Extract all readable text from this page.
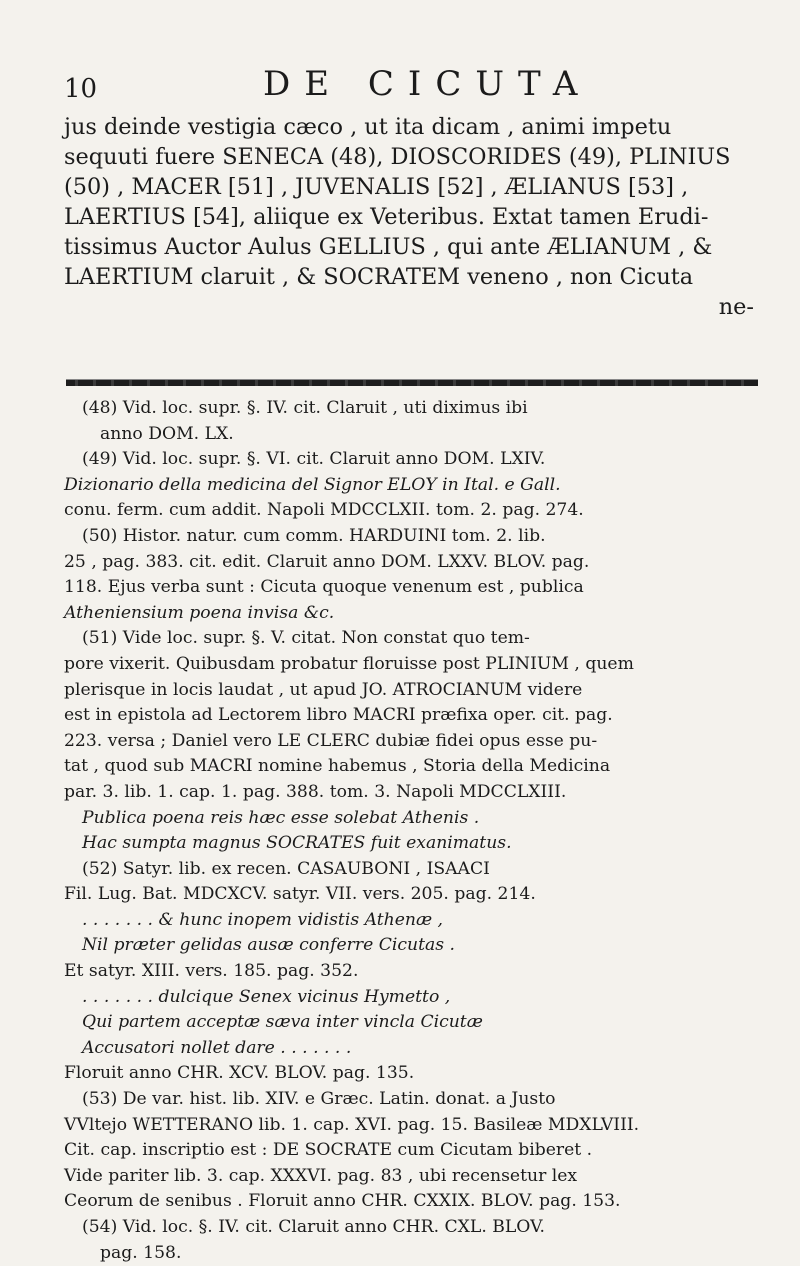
10	DE CICUTA
jus deinde vestigia cæco , ut ita dicam , animi impetu
sequuti fuere SENECA (48), DIOSCORIDES (49), PLINIUS
(50) , MACER [51] , JUVENALIS [52] , ÆLIANUS [53] ,
LAERTIUS [54], aliique ex Veteribus. Extat tamen Erudi-
tissimus Auctor Aulus GELLIUS , qui ante ÆLIANUM , &
LAERTIUM claruit , & SOCRATEM veneno , non Cicuta
ne-
(48) Vid. loc. supr. §. IV. cit. Claruit , uti diximus ibi
anno DOM. LX.
(49) Vid. loc. supr. §. VI. cit. Claruit anno DOM. LXIV.
Dizionario della medicina del Signor ELOY in Ital. e Gall.
conu. ferm. cum addit. Napoli MDCCLXII. tom. 2. pag. 274.
(50) Histor. natur. cum comm. HARDUINI tom. 2. lib.
25 , pag. 383. cit. edit. Claruit anno DOM. LXXV. BLOV. pag.
118. Ejus verba sunt : Cicuta quoque venenum est , publica
Atheniensium poena invisa &c.
(51) Vide loc. supr. §. V. citat. Non constat quo tem-
pore vixerit. Quibusdam probatur floruisse post PLINIUM , quem
plerisque in locis laudat , ut apud JO. ATROCIANUM videre
est in epistola ad Lectorem libro MACRI præfixa oper. cit. pag.
223. versa ; Daniel vero LE CLERC dubiæ fidei opus esse pu-
tat , quod sub MACRI nomine habemus , Storia della Medicina
par. 3. lib. 1. cap. 1. pag. 388. tom. 3. Napoli MDCCLXIII.
Publica poena reis hæc esse solebat Athenis .
Hac sumpta magnus SOCRATES fuit exanimatus.
(52) Satyr. lib. ex recen. CASAUBONI , ISAACI
Fil. Lug. Bat. MDCXCV. satyr. VII. vers. 205. pag. 214.
. . . . . . . & hunc inopem vidistis Athenæ ,
Nil præter gelidas ausæ conferre Cicutas .
Et satyr. XIII. vers. 185. pag. 352.
. . . . . . . dulcique Senex vicinus Hymetto ,
Qui partem acceptæ sæva inter vincla Cicutæ
Accusatori nollet dare . . . . . . .
Floruit anno CHR. XCV. BLOV. pag. 135.
(53) De var. hist. lib. XIV. e Græc. Latin. donat. a Justo
VVltejo WETTERANO lib. 1. cap. XVI. pag. 15. Basileæ MDXLVIII.
Cit. cap. inscriptio est : DE SOCRATE cum Cicutam biberet .
Vide pariter lib. 3. cap. XXXVI. pag. 83 , ubi recensetur lex
Ceorum de senibus . Floruit anno CHR. CXXIX. BLOV. pag. 153.
(54) Vid. loc. §. IV. cit. Claruit anno CHR. CXL. BLOV.
pag. 158.
